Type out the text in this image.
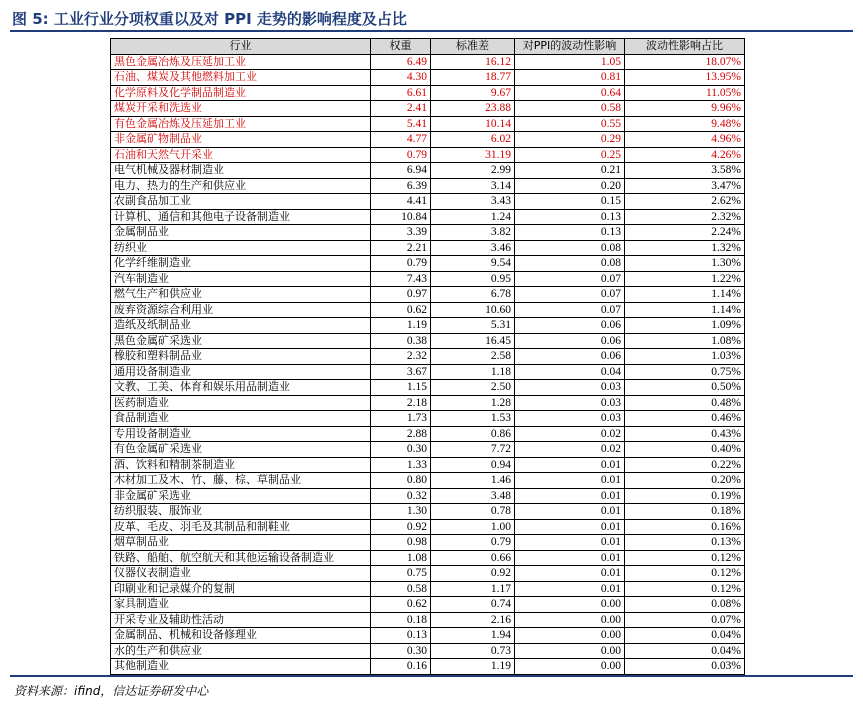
图 5: 工业行业分项权重以及对 PPI 走势的影响程度及占比
行业	权重	标准差	对PPI的波动性影响	波动性影响占比
黑色金属冶炼及压延加工业	6.49	16.12	1.05	18.07%
石油、煤炭及其他燃料加工业	4.30	18.77	0.81	13.95%
化学原料及化学制品制造业	6.61	9.67	0.64	11.05%
煤炭开采和洗选业	2.41	23.88	0.58	9.96%
有色金属冶炼及压延加工业	5.41	10.14	0.55	9.48%
非金属矿物制品业	4.77	6.02	0.29	4.96%
石油和天然气开采业	0.79	31.19	0.25	4.26%
电气机械及器材制造业	6.94	2.99	0.21	3.58%
电力、热力的生产和供应业	6.39	3.14	0.20	3.47%
农副食品加工业	4.41	3.43	0.15	2.62%
计算机、通信和其他电子设备制造业	10.84	1.24	0.13	2.32%
金属制品业	3.39	3.82	0.13	2.24%
纺织业	2.21	3.46	0.08	1.32%
化学纤维制造业	0.79	9.54	0.08	1.30%
汽车制造业	7.43	0.95	0.07	1.22%
燃气生产和供应业	0.97	6.78	0.07	1.14%
废弃资源综合利用业	0.62	10.60	0.07	1.14%
造纸及纸制品业	1.19	5.31	0.06	1.09%
黑色金属矿采选业	0.38	16.45	0.06	1.08%
橡胶和塑料制品业	2.32	2.58	0.06	1.03%
通用设备制造业	3.67	1.18	0.04	0.75%
文教、工美、体育和娱乐用品制造业	1.15	2.50	0.03	0.50%
医药制造业	2.18	1.28	0.03	0.48%
食品制造业	1.73	1.53	0.03	0.46%
专用设备制造业	2.88	0.86	0.02	0.43%
有色金属矿采选业	0.30	7.72	0.02	0.40%
酒、饮料和精制茶制造业	1.33	0.94	0.01	0.22%
木材加工及木、竹、藤、棕、草制品业	0.80	1.46	0.01	0.20%
非金属矿采选业	0.32	3.48	0.01	0.19%
纺织服装、服饰业	1.30	0.78	0.01	0.18%
皮革、毛皮、羽毛及其制品和制鞋业	0.92	1.00	0.01	0.16%
烟草制品业	0.98	0.79	0.01	0.13%
铁路、船舶、航空航天和其他运输设备制造业	1.08	0.66	0.01	0.12%
仪器仪表制造业	0.75	0.92	0.01	0.12%
印刷业和记录媒介的复制	0.58	1.17	0.01	0.12%
家具制造业	0.62	0.74	0.00	0.08%
开采专业及辅助性活动	0.18	2.16	0.00	0.07%
金属制品、机械和设备修理业	0.13	1.94	0.00	0.04%
水的生产和供应业	0.30	0.73	0.00	0.04%
其他制造业	0.16	1.19	0.00	0.03%
资料来源：ifind，信达证券研发中心
